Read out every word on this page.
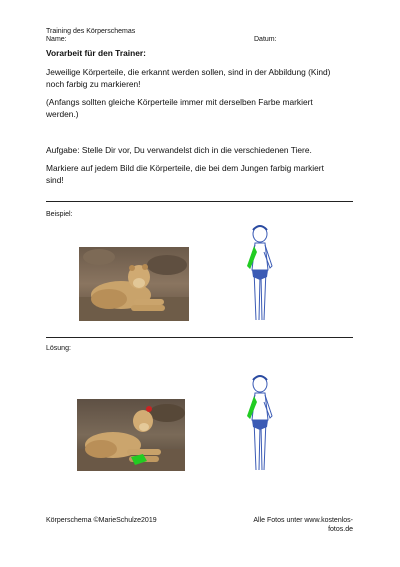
Training des Körperschemas
Name:	Datum:
Vorarbeit für den Trainer:
Jeweilige Körperteile, die erkannt werden sollen, sind in der Abbildung (Kind)
noch farbig zu markieren!
(Anfangs sollten gleiche Körperteile immer mit derselben Farbe markiert
werden.)
Aufgabe: Stelle Dir vor, Du verwandelst dich in die verschiedenen Tiere.
Markiere auf jedem Bild die Körperteile, die bei dem Jungen farbig markiert
sind!
Beispiel:
Lösung:
Körperschema ©MarieSchulze2019	Alle Fotos unter www.kostenlos-fotos.de
